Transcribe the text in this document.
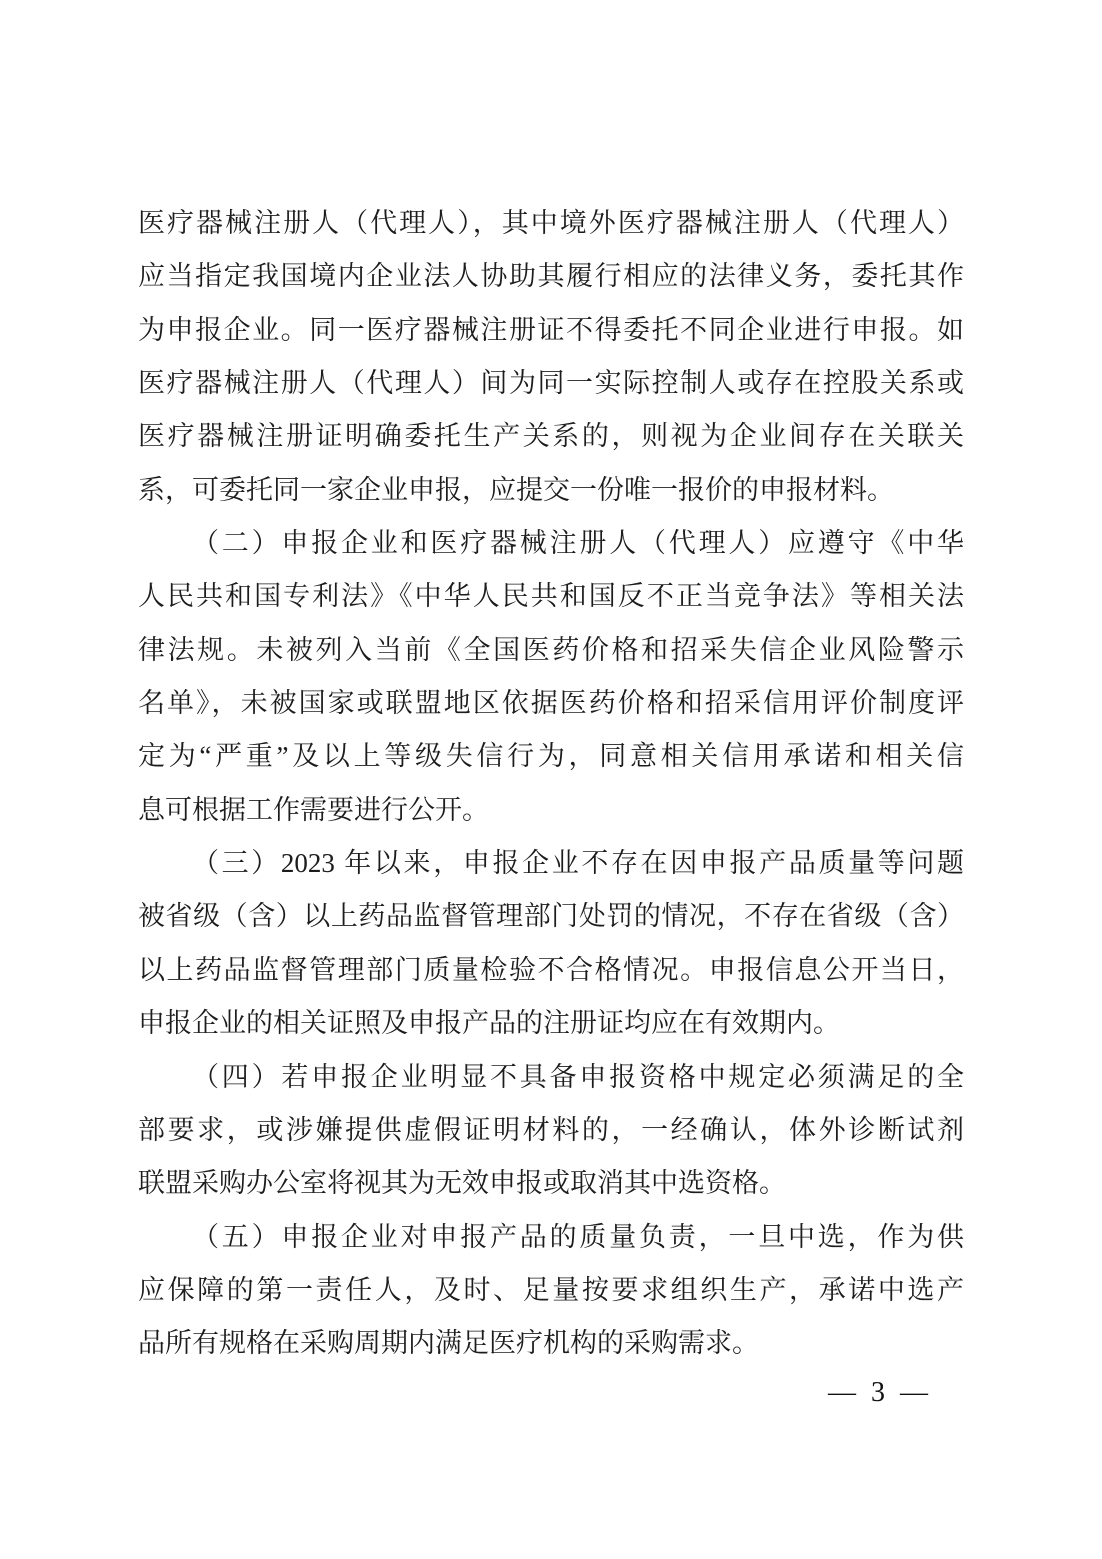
医疗器械注册人（代理人），其中境外医疗器械注册人（代理人）
应当指定我国境内企业法人协助其履行相应的法律义务，委托其作
为申报企业。同一医疗器械注册证不得委托不同企业进行申报。如
医疗器械注册人（代理人）间为同一实际控制人或存在控股关系或
医疗器械注册证明确委托生产关系的，则视为企业间存在关联关
系，可委托同一家企业申报，应提交一份唯一报价的申报材料。
（二）申报企业和医疗器械注册人（代理人）应遵守《中华
人民共和国专利法》《中华人民共和国反不正当竞争法》等相关法
律法规。未被列入当前《全国医药价格和招采失信企业风险警示
名单》，未被国家或联盟地区依据医药价格和招采信用评价制度评
定为“严重”及以上等级失信行为，同意相关信用承诺和相关信
息可根据工作需要进行公开。
（三）2023 年以来，申报企业不存在因申报产品质量等问题
被省级（含）以上药品监督管理部门处罚的情况，不存在省级（含）
以上药品监督管理部门质量检验不合格情况。申报信息公开当日，
申报企业的相关证照及申报产品的注册证均应在有效期内。
（四）若申报企业明显不具备申报资格中规定必须满足的全
部要求，或涉嫌提供虚假证明材料的，一经确认，体外诊断试剂
联盟采购办公室将视其为无效申报或取消其中选资格。
（五）申报企业对申报产品的质量负责，一旦中选，作为供
应保障的第一责任人，及时、足量按要求组织生产，承诺中选产
品所有规格在采购周期内满足医疗机构的采购需求。
— 3 —
